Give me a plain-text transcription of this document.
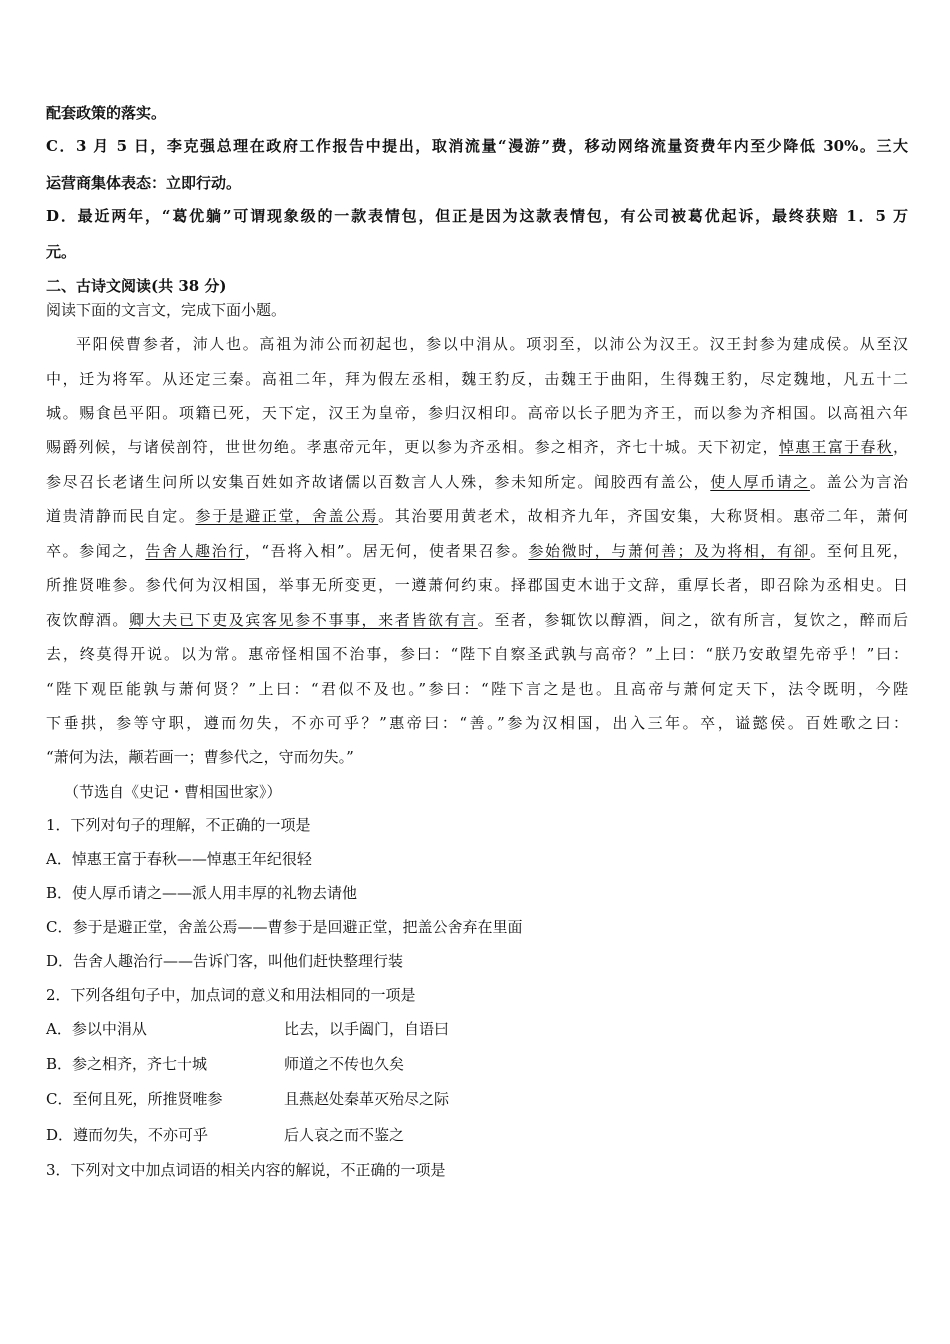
配套政策的落实。
C．3 月 5 日，李克强总理在政府工作报告中提出，取消流量“漫游”费，移动网络流量资费年内至少降低 30%。三大
运营商集体表态：立即行动。
D．最近两年，“葛优躺”可谓现象级的一款表情包，但正是因为这款表情包，有公司被葛优起诉，最终获赔 1．5 万
元。
二、古诗文阅读(共 38 分)
阅读下面的文言文，完成下面小题。
平阳侯曹参者，沛人也。高祖为沛公而初起也，参以中涓从。项羽至，以沛公为汉王。汉王封参为建成侯。从至汉
中，迁为将军。从还定三秦。高祖二年，拜为假左丞相，魏王豹反，击魏王于曲阳，生得魏王豹，尽定魏地，凡五十二
城。赐食邑平阳。项籍已死，天下定，汉王为皇帝，参归汉相印。高帝以长子肥为齐王，而以参为齐相国。以高祖六年
赐爵列候，与诸侯剖符，世世勿绝。孝惠帝元年，更以参为齐丞相。参之相齐，齐七十城。天下初定，悼惠王富于春秋，
参尽召长老诸生问所以安集百姓如齐故诸儒以百数言人人殊，参未知所定。闻胶西有盖公，使人厚币请之。盖公为言治
道贵清静而民自定。参于是避正堂，舍盖公焉。其治要用黄老术，故相齐九年，齐国安集，大称贤相。惠帝二年，萧何
卒。参闻之，告舍人趣治行，“吾将入相”。居无何，使者果召参。参始微时，与萧何善；及为将相，有卻。至何且死，
所推贤唯参。参代何为汉相国，举事无所变更，一遵萧何约束。择郡国吏木诎于文辞，重厚长者，即召除为丞相史。日
夜饮醇酒。卿大夫已下吏及宾客见参不事事，来者皆欲有言。至者，参辄饮以醇酒，间之，欲有所言，复饮之，醉而后
去，终莫得开说。以为常。惠帝怪相国不治事，参曰：“陛下自察圣武孰与高帝？”上曰：“朕乃安敢望先帝乎！”曰：
“陛下观臣能孰与萧何贤？”上曰：“君似不及也。”参曰：“陛下言之是也。且高帝与萧何定天下，法令既明，今陛
下垂拱，参等守职，遵而勿失，不亦可乎？”惠帝曰：“善。”参为汉相国，出入三年。卒，谥懿侯。百姓歌之曰：
“萧何为法，颟若画一；曹参代之，守而勿失。”
（节选自《史记・曹相国世家》）
1．下列对句子的理解，不正确的一项是
A．悼惠王富于春秋——悼惠王年纪很轻
B．使人厚币请之——派人用丰厚的礼物去请他
C．参于是避正堂，舍盖公焉——曹参于是回避正堂，把盖公舍弃在里面
D．告舍人趣治行——告诉门客，叫他们赶快整理行装
2．下列各组句子中，加点词的意义和用法相同的一项是
A．参以中涓从	比去，以手阖门，自语曰
B．参之相齐，齐七十城	师道之不传也久矣
C．至何且死，所推贤唯参	且燕赵处秦革灭殆尽之际
D．遵而勿失，不亦可乎	后人哀之而不鉴之
3．下列对文中加点词语的相关内容的解说，不正确的一项是
